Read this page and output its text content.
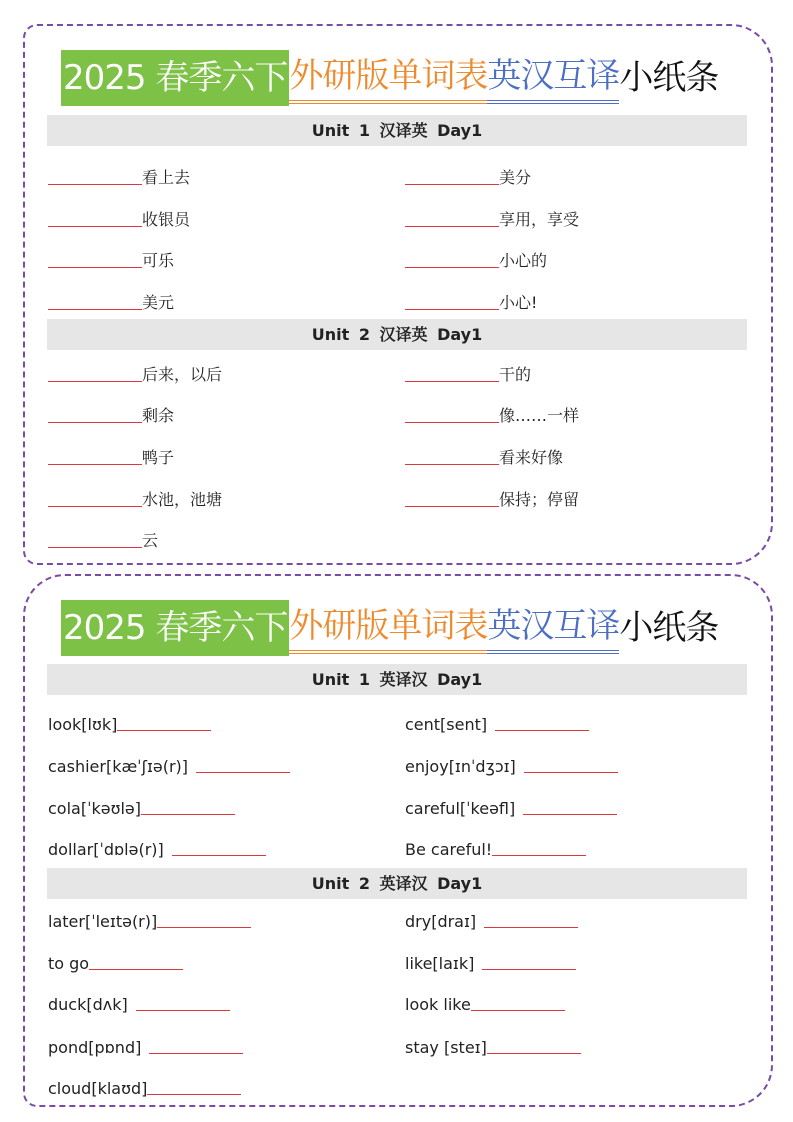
2025 春季六下 外研版单词表 英汉互译 小纸条
Unit 1 汉译英 Day1
看上去	美分
收银员	享用，享受
可乐	小心的
美元	小心!
Unit 2 汉译英 Day1
后来，以后	干的
剩余	像……一样
鸭子	看来好像
水池，池塘	保持；停留
云
2025 春季六下 外研版单词表 英汉互译 小纸条
Unit 1 英译汉 Day1
look[lʊk]	cent[sent]
cashier[kæˈʃɪə(r)]	enjoy[ɪnˈdʒɔɪ]
cola[ˈkəʊlə]	careful[ˈkeəfl]
dollar[ˈdɒlə(r)]	Be careful!
Unit 2 英译汉 Day1
later[ˈleɪtə(r)]	dry[draɪ]
to go	like[laɪk]
duck[dʌk]	look like
pond[pɒnd]	stay [steɪ]
cloud[klaʊd]
